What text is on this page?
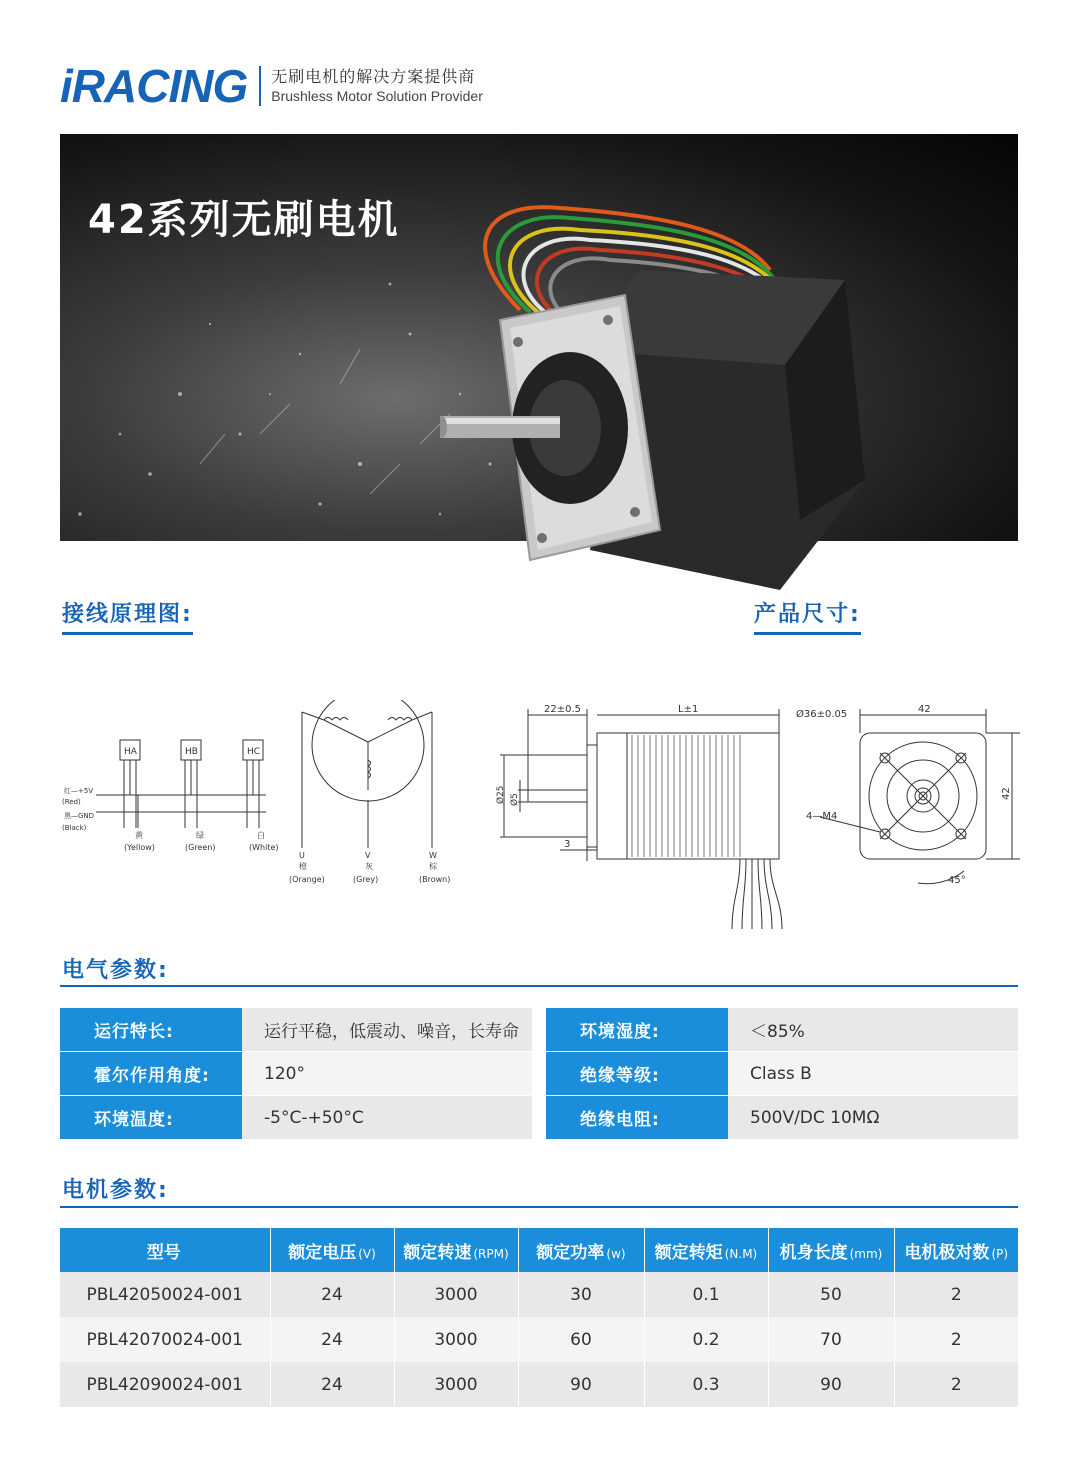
iRACING 无刷电机的解决方案提供商
Brushless Motor Solution Provider
42系列无刷电机
接线原理图:	产品尺寸:
HA	HB	HC
红—+5V
(Red)
黑—GND
(Black)
黄
(Yellow)
绿
(Green)
白
(White)
U
橙
(Orange)
V
灰
(Grey)
W
棕
(Brown)
22±0.5	L±1	Ø36±0.05	42
42
Ø25 Ø5
3
4—M4
45°
电气参数:
运行特长:	运行平稳，低震动、噪音，长寿命
霍尔作用角度:	120°
环境温度:	-5°C-+50°C
环境湿度:	＜85%
绝缘等级:	Class B
绝缘电阻:	500V/DC 10MΩ
电机参数:
型号	额定电压 (V)	额定转速 (RPM)	额定功率 (w)	额定转矩 (N.M)	机身长度 (mm)	电机极对数 (P)
PBL42050024-001	24	3000	30	0.1	50	2
PBL42070024-001	24	3000	60	0.2	70	2
PBL42090024-001	24	3000	90	0.3	90	2
